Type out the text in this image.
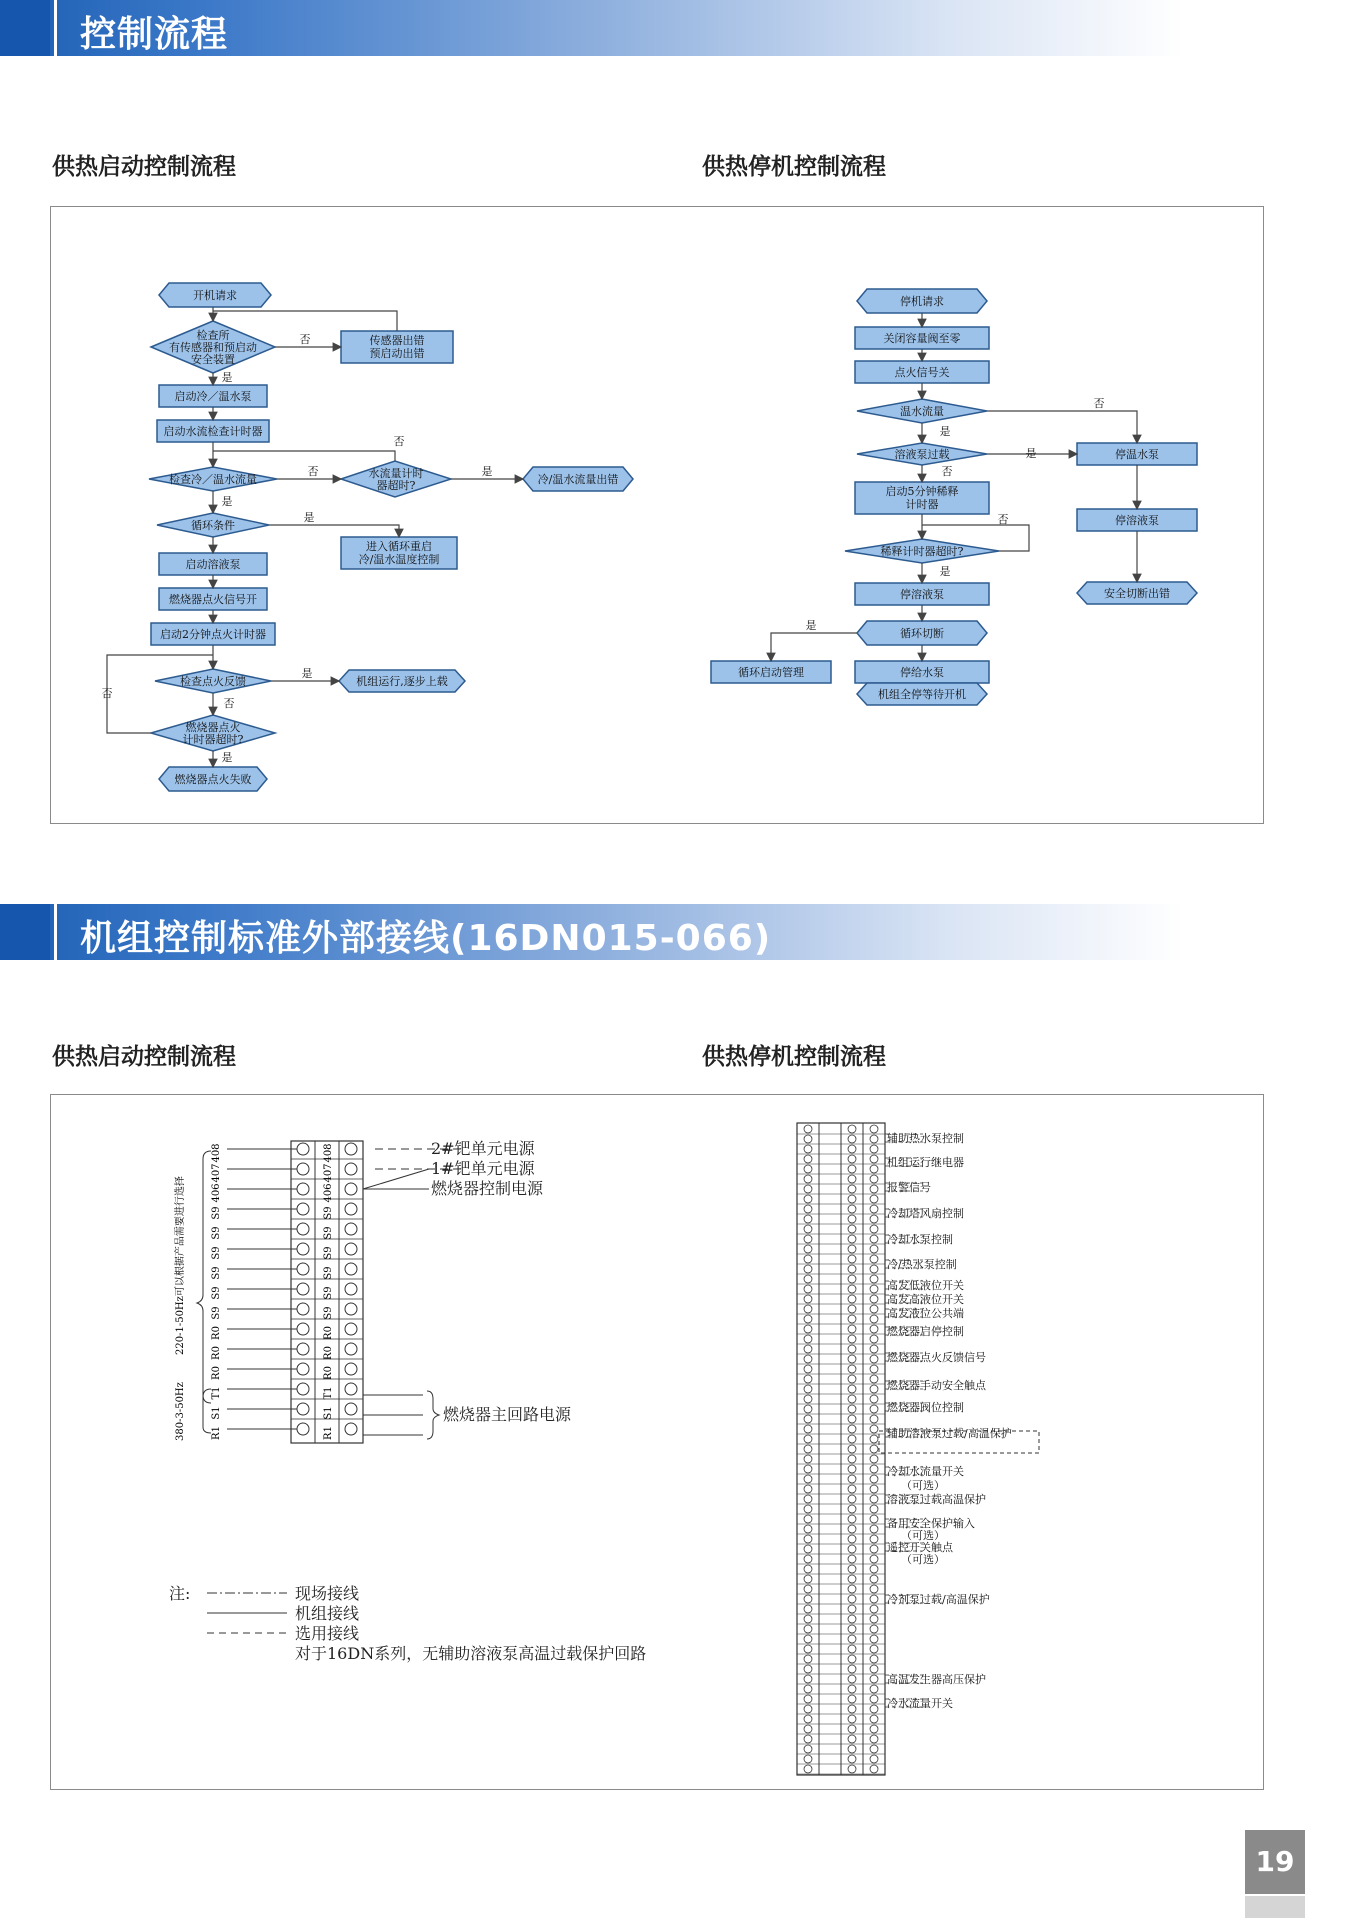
控制流程
供热启动控制流程	供热停机控制流程
开机请求
检查所
有传感器和预启动
安全装置
传感器出错
预启动出错
启动冷／温水泵
启动水流检查计时器
检查冷／温水流量	水流量计时
器超时?	冷/温水流量出错
循环条件
进入循环重启
冷/温水温度控制
启动溶液泵
燃烧器点火信号开
启动2分钟点火计时器
检查点火反馈	机组运行,逐步上载
燃烧器点火
计时器超时?
燃烧器点火失败
否
是
否
否	是
是
是
是
否
否
是
停机请求
关闭容量阀至零
点火信号关
温水流量
溶液泵过载
启动5分钟稀释
计时器
稀释计时器超时?
停溶液泵
循环切断
循环启动管理	停给水泵
机组全停等待开机
停温水泵
停溶液泵
安全切断出错
否
是
是
否
否
是
是
机组控制标准外部接线(16DN015-066)
供热启动控制流程	供热停机控制流程
408	408
407	407
406	406
S9	S9
S9	S9
S9	S9
S9	S9
S9	S9
S9	S9
R0	R0
R0	R0
R0	R0
T1	T1
S1	S1
R1	R1
220-1-50Hz可以根据产品需要进行选择
380-3-50Hz
2#钯单元电源
1#钯单元电源
燃烧器控制电源
燃烧器主回路电源
注:	现场接线
机组接线
选用接线
对于16DN系列，无辅助溶液泵高温过载保护回路
辅助热水泵控制
机组运行继电器
报警信号
冷却塔风扇控制
冷却水泵控制
冷/热水泵控制
高发低液位开关
高发高液位开关
高发液位公共端
燃烧器启停控制
燃烧器点火反馈信号
燃烧器手动安全触点
燃烧器阀位控制
辅助溶液泵过载/高温保护
冷却水流量开关
（可选）
溶液泵过载高温保护
备用安全保护输入
（可选）
遥控开关触点
（可选）
冷剂泵过载/高温保护
高温发生器高压保护
冷水流量开关
19
